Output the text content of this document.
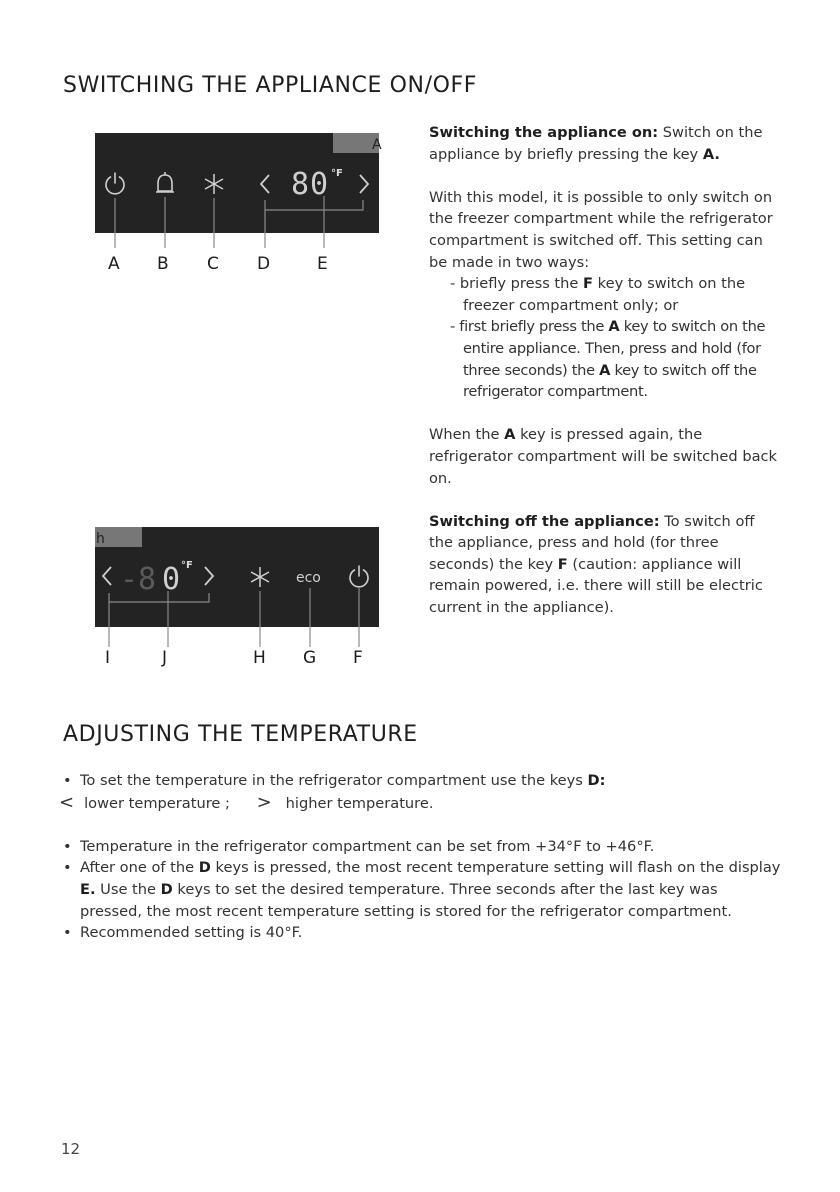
SWITCHING THE APPLIANCE ON/OFF
A
80 °F
A B C D	E
h
-8 0 °F
eco
I	J	H G F

Switching the appliance on: Switch on the appliance by briefly pressing the key A.

With this model, it is possible to only switch on the freezer compartment while the refrigerator compartment is switched off. This setting can be made in two ways:

- briefly press the F key to switch on the freezer compartment only; or

- first briefly press the A key to switch on the entire appliance. Then, press and hold (for three seconds) the A key to switch off the refrigerator compartment.

When the A key is pressed again, the refrigerator compartment will be switched back on.

Switching off the appliance: To switch off the appliance, press and hold (for three seconds) the key F (caution: appliance will remain powered, i.e. there will still be electric current in the appliance).

ADJUSTING THE TEMPERATURE
• To set the temperature in the refrigerator compartment use the keys D:
< lower temperature ; > higher temperature.
• Temperature in the refrigerator compartment can be set from +34°F to +46°F.
• After one of the D keys is pressed, the most recent temperature setting will flash on the display E. Use the D keys to set the desired temperature. Three seconds after the last key was pressed, the most recent temperature setting is stored for the refrigerator compartment.
• Recommended setting is 40°F.
12
